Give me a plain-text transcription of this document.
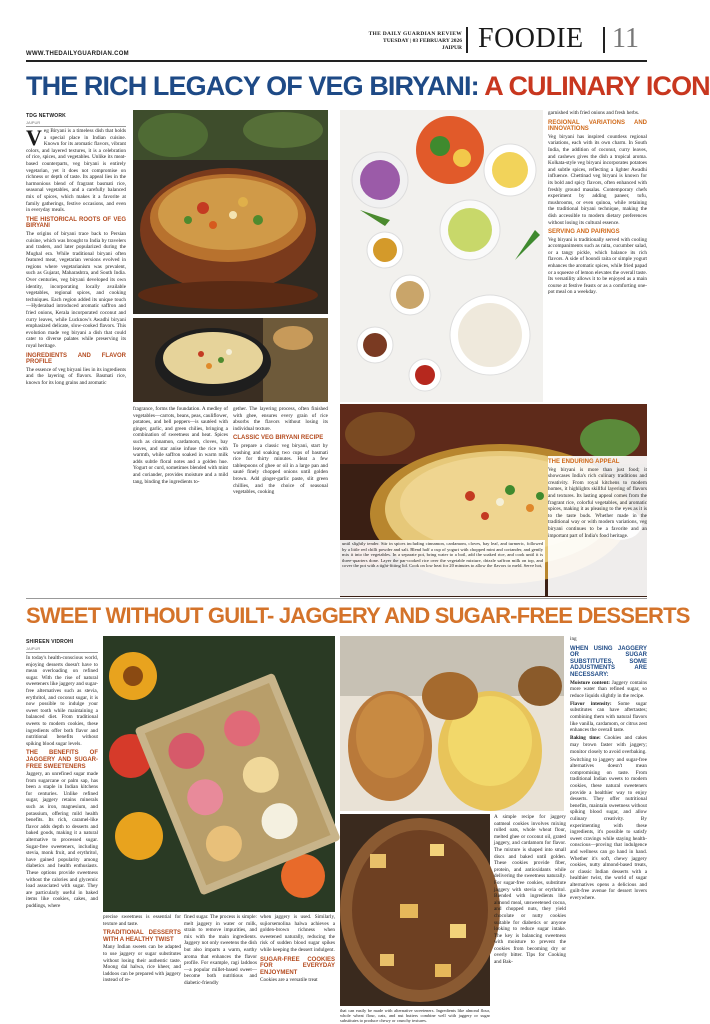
WWW.THEDAILYGUARDIAN.COM
THE DAILY GUARDIAN REVIEW
TUESDAY | 03 FEBRUARY 2026
JAIPUR FOODIE 11
THE RICH LEGACY OF VEG BIRYANI: A CULINARY ICON
TDG NETWORK
JAIPUR

Veg Biryani is a timeless dish that holds a special place in Indian cuisine. Known for its aromatic flavors, vibrant colors, and layered textures, it is a celebration of rice, spices, and vegetables. Unlike its meat-based counterparts, veg biryani is entirely vegetarian, yet it does not compromise on richness or depth of taste. Its appeal lies in the harmonious blend of fragrant basmati rice, seasonal vegetables, and a carefully balanced mix of spices, which makes it a favorite at family gatherings, festive occasions, and even in everyday meals.

THE HISTORICAL ROOTS OF VEG BIRYANI

The origins of biryani trace back to Persian cuisine, which was brought to India by travelers and traders, and later popularized during the Mughal era. While traditional biryani often featured meat, vegetarian versions evolved in regions where vegetarianism was prevalent, such as Gujarat, Maharashtra, and South India. Over centuries, veg biryani developed its own identity, incorporating locally available vegetables, regional spices, and cooking techniques. Each region added its unique touch—Hyderabad introduced aromatic saffron and fried onions, Kerala incorporated coconut and curry leaves, while Lucknow's Awadhi biryani emphasized delicate, slow-cooked flavors. This evolution made veg biryani a dish that could cater to diverse palates while preserving its royal heritage.

INGREDIENTS AND FLAVOR PROFILE

The essence of veg biryani lies in its ingredients and the layering of flavors. Basmati rice, known for its long grains and aromatic

fragrance, forms the foundation. A medley of vegetables—carrots, beans, peas, cauliflower, potatoes, and bell peppers—is sautéed with ginger, garlic, and green chilies, bringing a combination of sweetness and heat. Spices such as cinnamon, cardamom, cloves, bay leaves, and star anise infuse the rice with warmth, while saffron soaked in warm milk adds subtle floral notes and a golden hue. Yogurt or curd, sometimes blended with mint and coriander, provides moisture and a mild tang, binding the ingredients to-

gether. The layering process, often finished with ghee, ensures every grain of rice absorbs the flavors without losing its individual texture.

CLASSIC VEG BIRYANI RECIPE

To prepare a classic veg biryani, start by washing and soaking two cups of basmati rice for thirty minutes. Heat a few tablespoons of ghee or oil in a large pan and sauté finely chopped onions until golden brown. Add ginger-garlic paste, slit green chillies, and the choice of seasonal vegetables, cooking

garnished with fried onions and fresh herbs.

REGIONAL VARIATIONS AND INNOVATIONS

Veg biryani has inspired countless regional variations, each with its own charm. In South India, the addition of coconut, curry leaves, and cashews gives the dish a tropical aroma. Kolkata-style veg biryani incorporates potatoes and subtle spices, reflecting a lighter Awadhi influence. Chettinad veg biryani is known for its bold and spicy flavors, often enhanced with freshly ground masalas. Contemporary chefs experiment by adding paneer, tofu, mushrooms, or even quinoa, while retaining the traditional biryani technique, making the dish accessible to modern dietary preferences without losing its cultural essence.

SERVING AND PAIRINGS

Veg biryani is traditionally served with cooling accompaniments such as raita, cucumber salad, or a tangy pickle, which balance its rich flavors. A side of boondi raita or simple yogurt enhances the aromatic spices, while fried papad or a squeeze of lemon elevates the overall taste. Its versatility allows it to be enjoyed as a main course at festive feasts or as a comforting one-pot meal on a weekday.

SWEET WITHOUT GUILT- JAGGERY AND SUGAR-FREE DESSERTS
SHIREEN VIDROHI
JAIPUR

In today's health-conscious world, enjoying desserts doesn't have to mean overloading on refined sugar. With the rise of natural sweeteners like jaggery and sugar-free alternatives such as stevia, erythritol, and coconut sugar, it is now possible to indulge your sweet tooth while maintaining a balanced diet. From traditional sweets to modern cookies, these ingredients offer both flavor and nutritional benefits without spiking blood sugar levels.

THE BENEFITS OF JAGGERY AND SUGAR-FREE SWEETENERS

Jaggery, an unrefined sugar made from sugarcane or palm sap, has been a staple in Indian kitchens for centuries. Unlike refined sugar, jaggery retains minerals such as iron, magnesium, and potassium, offering mild health benefits. Its rich, caramel-like flavor adds depth to desserts and baked goods, making it a natural alternative to processed sugar. Sugar-free sweeteners, including stevia, monk fruit, and erythritol, have gained popularity among diabetics and health enthusiasts. These options provide sweetness without the calories and glycemic load associated with sugar. They are particularly useful in baked items like cookies, cakes, and puddings, where

precise sweetness is essential for texture and taste.

TRADITIONAL DESSERTS WITH A HEALTHY TWIST

Many Indian sweets can be adapted to use jaggery or sugar substitutes without losing their authentic taste. Moong dal halwa, rice kheer, and laddoos can be prepared with jaggery instead of re-

fined sugar. The process is simple: melt jaggery in water or milk, strain to remove impurities, and mix with the main ingredients. Jaggery not only sweetens the dish but also imparts a warm, earthy aroma that enhances the flavor profile. For example, ragi laddoos—a popular millet-based sweet—become both nutritious and diabetic-friendly

when jaggery is used. Similarly, sujiorsemolina halwa achieves a golden-brown richness when sweetened naturally, reducing the risk of sudden blood sugar spikes while keeping the dessert indulgent.

SUGAR-FREE COOKIES FOR EVERYDAY ENJOYMENT

Cookies are a versatile treat

A simple recipe for jaggery oatmeal cookies involves mixing rolled oats, whole wheat flour, melted ghee or coconut oil, grated jaggery, and cardamom for flavor. The mixture is shaped into small discs and baked until golden. These cookies provide fiber, protein, and antioxidants while delivering the sweetness naturally. For sugar-free cookies, substitute jaggery with stevia or erythritol. Blended with ingredients like almond meal, unsweetened cocoa, and chopped nuts, they yield chocolate or nutty cookies suitable for diabetics or anyone looking to reduce sugar intake. The key is balancing sweetness with moisture to prevent the cookies from becoming dry or overly bitter. Tips for Cooking and Bak-

ing

WHEN USING JAGGERY OR SUGAR SUBSTITUTES, SOME ADJUSTMENTS ARE NECESSARY:

Moisture content: Jaggery contains more water than refined sugar, so reduce liquids slightly in the recipe.

Flavor intensity: Some sugar substitutes can have aftertastes; combining them with natural flavors like vanilla, cardamom, or citrus zest enhances the overall taste.

Baking time: Cookies and cakes may brown faster with jaggery; monitor closely to avoid overbaking.

Switching to jaggery and sugar-free alternatives doesn't mean compromising on taste. From traditional Indian sweets to modern cookies, these natural sweeteners provide a healthier way to enjoy desserts. They offer nutritional benefits, maintain sweetness without spiking blood sugar, and allow culinary creativity. By experimenting with these ingredients, it's possible to satisfy sweet cravings while staying health-conscious—proving that indulgence and wellness can go hand in hand. Whether it's soft, chewy jaggery cookies, nutty almond-based treats, or classic Indian desserts with a healthier twist, the world of sugar alternatives opens a delicious and guilt-free avenue for dessert lovers everywhere.

THE ENDURING APPEAL

Veg biryani is more than just food; it showcases India's rich culinary traditions and creativity. From royal kitchens to modern homes, it highlights skillful layering of flavors and textures. Its lasting appeal comes from the fragrant rice, colorful vegetables, and aromatic spices, making it as pleasing to the eyes as it is to the taste buds. Whether made in the traditional way or with modern variations, veg biryani continues to be a favorite and an important part of India's food heritage.

until slightly tender. Stir in spices including cinnamon, cardamom, cloves, bay leaf, and turmeric, followed by a little red chilli powder and salt. Blend half a cup of yogurt with chopped mint and coriander, and gently mix it into the vegetables. In a separate pot, bring water to a boil, add the soaked rice, and cook until it is three-quarters done. Layer the par-cooked rice over the vegetable mixture, drizzle saffron milk on top, and cover the pot with a tight-fitting lid. Cook on low heat for 20 minutes to allow the flavors to meld. Serve hot,

that can easily be made with alternative sweeteners. Ingredients like almond flour, whole wheat flour, oats, and nut butters combine well with jaggery or sugar substitutes to produce chewy or crunchy textures.
